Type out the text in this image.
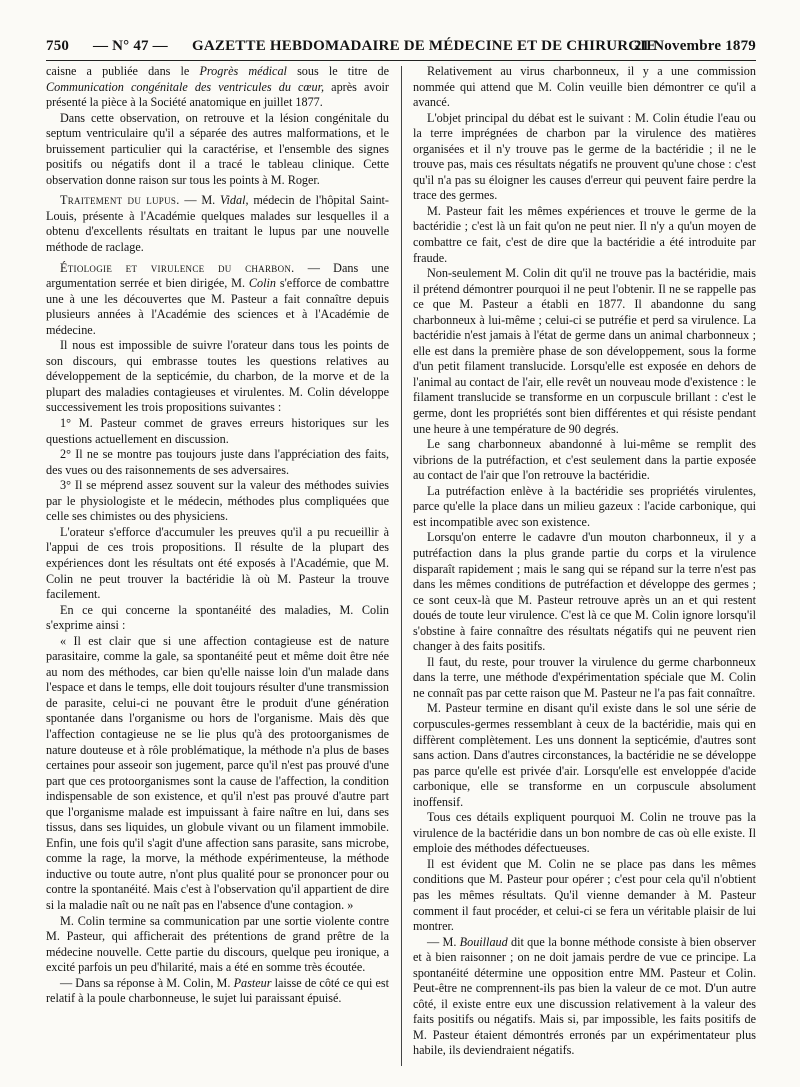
750 — N° 47 — GAZETTE HEBDOMADAIRE DE MÉDECINE ET DE CHIRURGIE
21 Novembre 1879

caisne a publiée dans le Progrès médical sous le titre de Communication congénitale des ventricules du cœur, après avoir présenté la pièce à la Société anatomique en juillet 1877.

Dans cette observation, on retrouve et la lésion congénitale du septum ventriculaire qu'il a séparée des autres malformations, et le bruissement particulier qui la caractérise, et l'ensemble des signes positifs ou négatifs dont il a tracé le tableau clinique. Cette observation donne raison sur tous les points à M. Roger.

Traitement du lupus. — M. Vidal, médecin de l'hôpital Saint-Louis, présente à l'Académie quelques malades sur lesquelles il a obtenu d'excellents résultats en traitant le lupus par une nouvelle méthode de raclage.

Étiologie et virulence du charbon. — Dans une argumentation serrée et bien dirigée, M. Colin s'efforce de combattre une à une les découvertes que M. Pasteur a fait connaître depuis plusieurs années à l'Académie des sciences et à l'Académie de médecine.

Il nous est impossible de suivre l'orateur dans tous les points de son discours, qui embrasse toutes les questions relatives au développement de la septicémie, du charbon, de la morve et de la plupart des maladies contagieuses et virulentes. M. Colin développe successivement les trois propositions suivantes :

1° M. Pasteur commet de graves erreurs historiques sur les questions actuellement en discussion.

2° Il ne se montre pas toujours juste dans l'appréciation des faits, des vues ou des raisonnements de ses adversaires.

3° Il se méprend assez souvent sur la valeur des méthodes suivies par le physiologiste et le médecin, méthodes plus compliquées que celle ses chimistes ou des physiciens.

L'orateur s'efforce d'accumuler les preuves qu'il a pu recueillir à l'appui de ces trois propositions. Il résulte de la plupart des expériences dont les résultats ont été exposés à l'Académie, que M. Colin ne peut trouver la bactéridie là où M. Pasteur la trouve facilement.

En ce qui concerne la spontanéité des maladies, M. Colin s'exprime ainsi :

« Il est clair que si une affection contagieuse est de nature parasitaire, comme la gale, sa spontanéité peut et même doit être née au nom des méthodes, car bien qu'elle naisse loin d'un malade dans l'espace et dans le temps, elle doit toujours résulter d'une transmission de parasite, celui-ci ne pouvant être le produit d'une génération spontanée dans l'organisme ou hors de l'organisme. Mais dès que l'affection contagieuse ne se lie plus qu'à des protoorganismes de nature douteuse et à rôle problématique, la méthode n'a plus de bases certaines pour asseoir son jugement, parce qu'il n'est pas prouvé d'une part que ces protoorganismes sont la cause de l'affection, la condition indispensable de son existence, et qu'il n'est pas prouvé d'autre part que l'organisme malade est impuissant à faire naître en lui, dans ses tissus, dans ses liquides, un globule vivant ou un filament immobile. Enfin, une fois qu'il s'agit d'une affection sans parasite, sans microbe, comme la rage, la morve, la méthode expérimenteuse, la méthode inductive ou toute autre, n'ont plus qualité pour se prononcer pour ou contre la spontanéité. Mais c'est à l'observation qu'il appartient de dire si la maladie naît ou ne naît pas en l'absence d'une contagion. »

M. Colin termine sa communication par une sortie violente contre M. Pasteur, qui afficherait des prétentions de grand prêtre de la médecine nouvelle. Cette partie du discours, quelque peu ironique, a excité parfois un peu d'hilarité, mais a été en somme très écoutée.

— Dans sa réponse à M. Colin, M. Pasteur laisse de côté ce qui est relatif à la poule charbonneuse, le sujet lui paraissant épuisé.

Relativement au virus charbonneux, il y a une commission nommée qui attend que M. Colin veuille bien démontrer ce qu'il a avancé.

L'objet principal du débat est le suivant : M. Colin étudie l'eau ou la terre imprégnées de charbon par la virulence des matières organisées et il n'y trouve pas le germe de la bactéridie ; il ne le trouve pas, mais ces résultats négatifs ne prouvent qu'une chose : c'est qu'il n'a pas su éloigner les causes d'erreur qui peuvent faire perdre la trace des germes.

M. Pasteur fait les mêmes expériences et trouve le germe de la bactéridie ; c'est là un fait qu'on ne peut nier. Il n'y a qu'un moyen de combattre ce fait, c'est de dire que la bactéridie a été introduite par fraude.

Non-seulement M. Colin dit qu'il ne trouve pas la bactéridie, mais il prétend démontrer pourquoi il ne peut l'obtenir. Il ne se rappelle pas ce que M. Pasteur a établi en 1877. Il abandonne du sang charbonneux à lui-même ; celui-ci se putréfie et perd sa virulence. La bactéridie n'est jamais à l'état de germe dans un animal charbonneux ; elle est dans la première phase de son développement, sous la forme d'un petit filament translucide. Lorsqu'elle est exposée en dehors de l'animal au contact de l'air, elle revêt un nouveau mode d'existence : le filament translucide se transforme en un corpuscule brillant : c'est le germe, dont les propriétés sont bien différentes et qui résiste pendant une heure à une température de 90 degrés.

Le sang charbonneux abandonné à lui-même se remplit des vibrions de la putréfaction, et c'est seulement dans la partie exposée au contact de l'air que l'on retrouve la bactéridie.

La putréfaction enlève à la bactéridie ses propriétés virulentes, parce qu'elle la place dans un milieu gazeux : l'acide carbonique, qui est incompatible avec son existence.

Lorsqu'on enterre le cadavre d'un mouton charbonneux, il y a putréfaction dans la plus grande partie du corps et la virulence disparaît rapidement ; mais le sang qui se répand sur la terre n'est pas dans les mêmes conditions de putréfaction et développe des germes ; ce sont ceux-là que M. Pasteur retrouve après un an et qui restent doués de toute leur virulence. C'est là ce que M. Colin ignore lorsqu'il s'obstine à faire connaître des résultats négatifs qui ne peuvent rien changer à des faits positifs.

Il faut, du reste, pour trouver la virulence du germe charbonneux dans la terre, une méthode d'expérimentation spéciale que M. Colin ne connaît pas par cette raison que M. Pasteur ne l'a pas fait connaître.

M. Pasteur termine en disant qu'il existe dans le sol une série de corpuscules-germes ressemblant à ceux de la bactéridie, mais qui en diffèrent complètement. Les uns donnent la septicémie, d'autres sont sans action. Dans d'autres circonstances, la bactéridie ne se développe pas parce qu'elle est privée d'air. Lorsqu'elle est enveloppée d'acide carbonique, elle se transforme en un corpuscule absolument inoffensif.

Tous ces détails expliquent pourquoi M. Colin ne trouve pas la virulence de la bactéridie dans un bon nombre de cas où elle existe. Il emploie des méthodes défectueuses.

Il est évident que M. Colin ne se place pas dans les mêmes conditions que M. Pasteur pour opérer ; c'est pour cela qu'il n'obtient pas les mêmes résultats. Qu'il vienne demander à M. Pasteur comment il faut procéder, et celui-ci se fera un véritable plaisir de lui montrer.

— M. Bouillaud dit que la bonne méthode consiste à bien observer et à bien raisonner ; on ne doit jamais perdre de vue ce principe. La spontanéité détermine une opposition entre MM. Pasteur et Colin. Peut-être ne comprennent-ils pas bien la valeur de ce mot. D'un autre côté, il existe entre eux une discussion relativement à la valeur des faits positifs ou négatifs. Mais si, par impossible, les faits positifs de M. Pasteur étaient démontrés erronés par un expérimentateur plus habile, ils deviendraient négatifs.
